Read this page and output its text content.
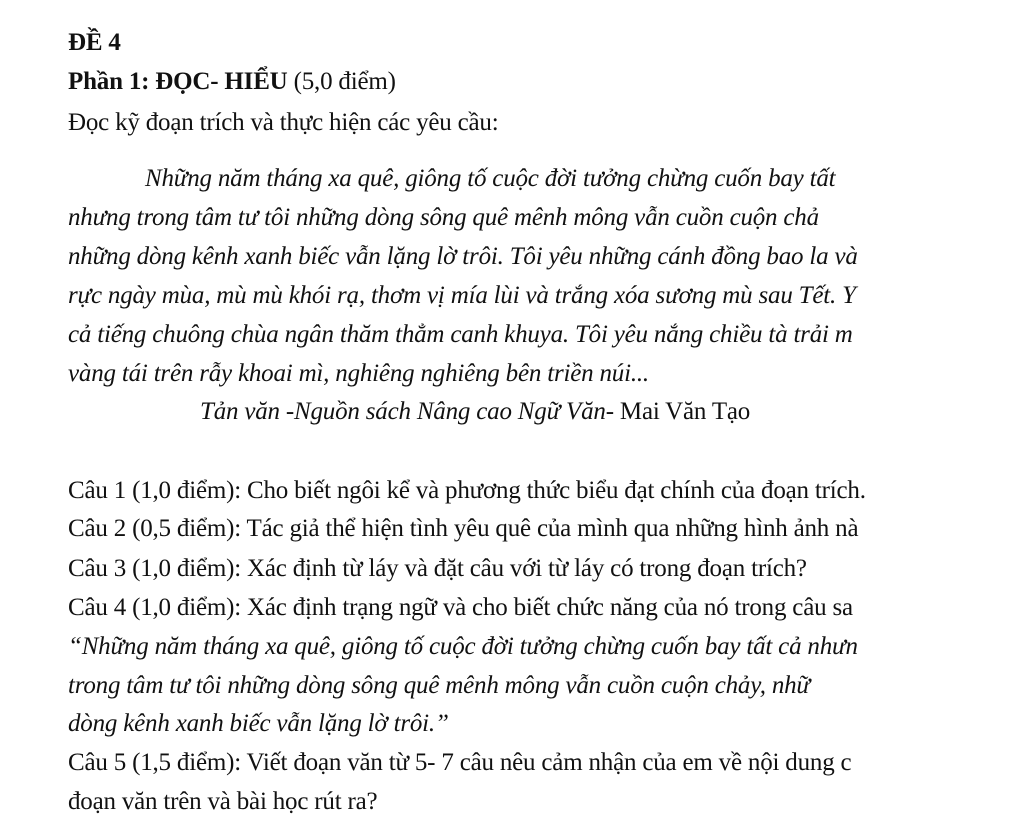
ĐỀ 4
Phần 1: ĐỌC- HIỂU (5,0 điểm)
Đọc kỹ đoạn trích và thực hiện các yêu cầu:
Những năm tháng xa quê, giông tố cuộc đời tưởng chừng cuốn bay tất
nhưng trong tâm tư tôi những dòng sông quê mênh mông vẫn cuồn cuộn chả
những dòng kênh xanh biếc vẫn lặng lờ trôi. Tôi yêu những cánh đồng bao la và
rực ngày mùa, mù mù khói rạ, thơm vị mía lùi và trắng xóa sương mù sau Tết. Y
cả tiếng chuông chùa ngân thăm thẳm canh khuya. Tôi yêu nắng chiều tà trải m
vàng tái trên rẫy khoai mì, nghiêng nghiêng bên triền núi...
Tản văn -Nguồn sách Nâng cao Ngữ Văn- Mai Văn Tạo
Câu 1 (1,0 điểm): Cho biết ngôi kể và phương thức biểu đạt chính của đoạn trích.
Câu 2 (0,5 điểm): Tác giả thể hiện tình yêu quê của mình qua những hình ảnh nà
Câu 3 (1,0 điểm): Xác định từ láy và đặt câu với từ láy có trong đoạn trích?
Câu 4 (1,0 điểm): Xác định trạng ngữ và cho biết chức năng của nó trong câu sa
“Những năm tháng xa quê, giông tố cuộc đời tưởng chừng cuốn bay tất cả nhưn
trong tâm tư tôi những dòng sông quê mênh mông vẫn cuồn cuộn chảy, nhữ
dòng kênh xanh biếc vẫn lặng lờ trôi.”
Câu 5 (1,5 điểm): Viết đoạn văn từ 5- 7 câu nêu cảm nhận của em về nội dung c
đoạn văn trên và bài học rút ra?
